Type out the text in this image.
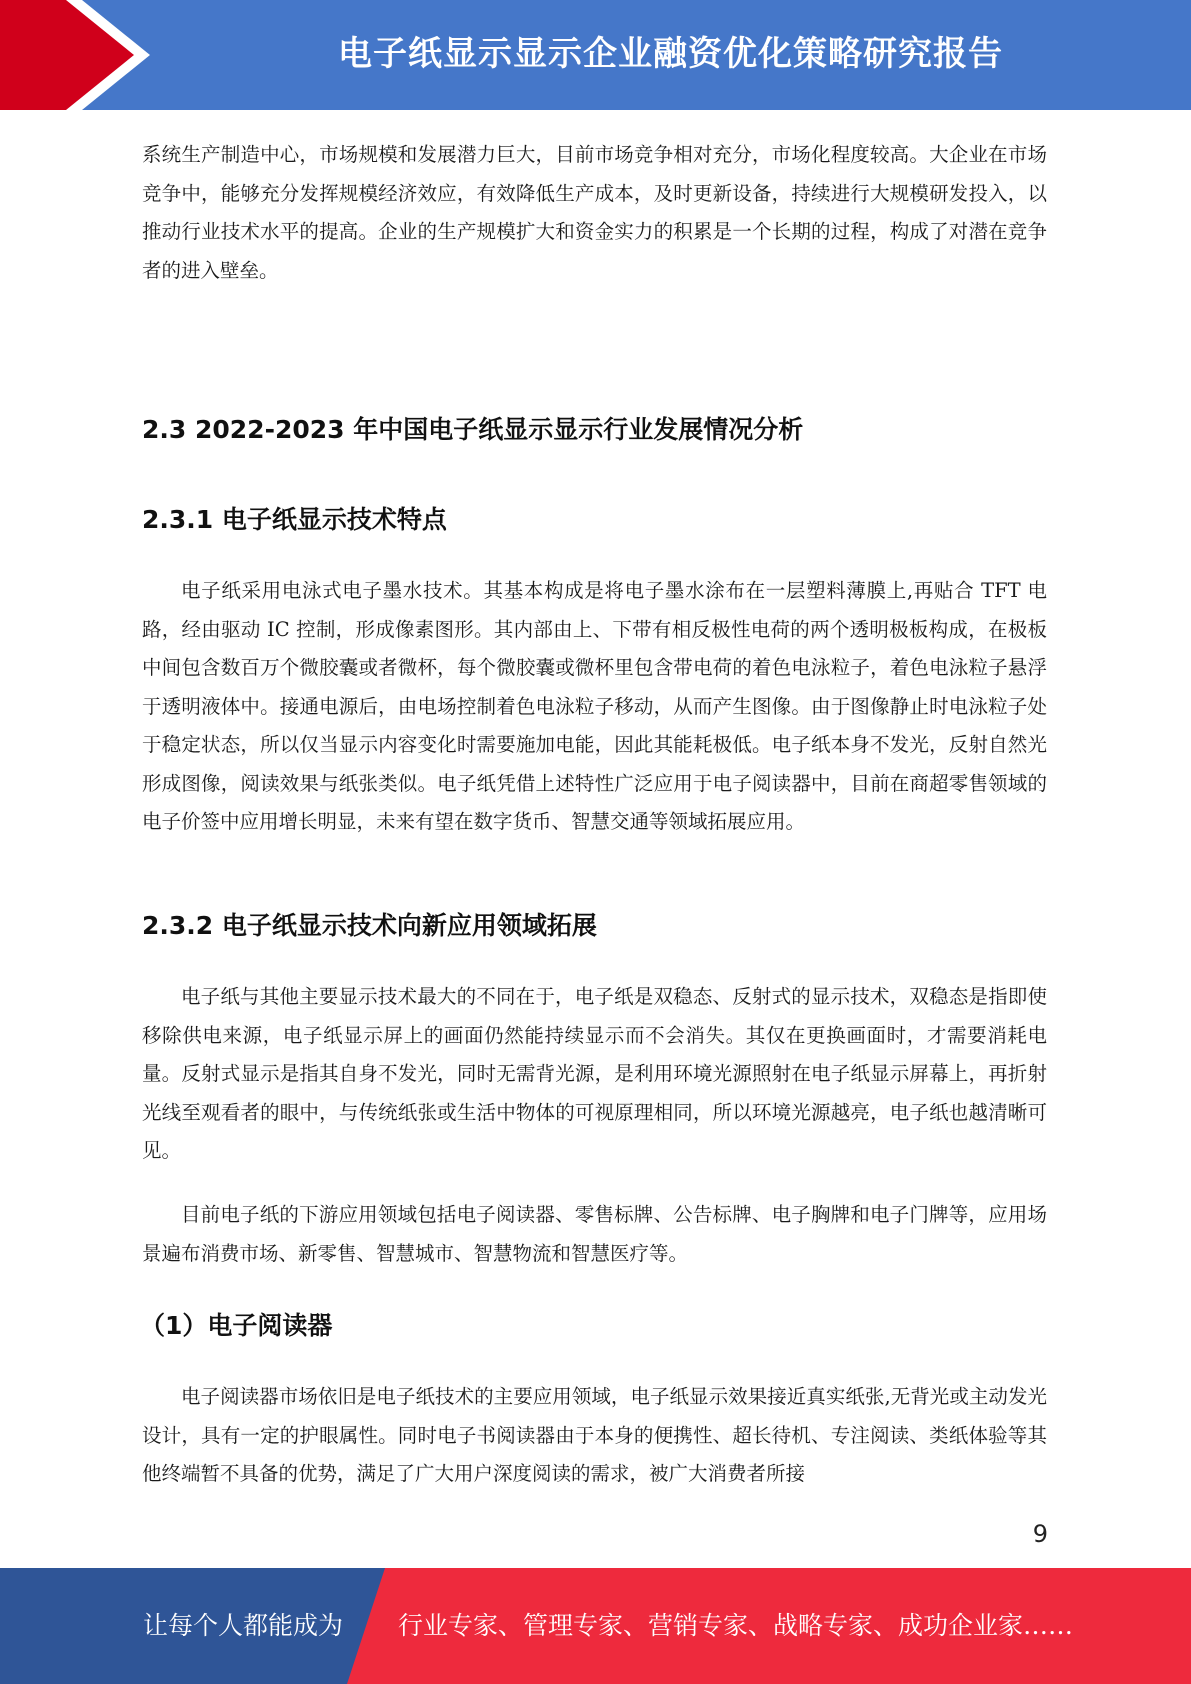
电子纸显示显示企业融资优化策略研究报告

系统生产制造中心，市场规模和发展潜力巨大，目前市场竞争相对充分，市场化程度较高。大企业在市场竞争中，能够充分发挥规模经济效应，有效降低生产成本，及时更新设备，持续进行大规模研发投入，以推动行业技术水平的提高。企业的生产规模扩大和资金实力的积累是一个长期的过程，构成了对潜在竞争者的进入壁垒。

2.3 2022-2023 年中国电子纸显示显示行业发展情况分析
2.3.1 电子纸显示技术特点

电子纸采用电泳式电子墨水技术。其基本构成是将电子墨水涂布在一层塑料薄膜上,再贴合 TFT 电路，经由驱动 IC 控制，形成像素图形。其内部由上、下带有相反极性电荷的两个透明极板构成，在极板中间包含数百万个微胶囊或者微杯，每个微胶囊或微杯里包含带电荷的着色电泳粒子，着色电泳粒子悬浮于透明液体中。接通电源后，由电场控制着色电泳粒子移动，从而产生图像。由于图像静止时电泳粒子处于稳定状态，所以仅当显示内容变化时需要施加电能，因此其能耗极低。电子纸本身不发光，反射自然光形成图像，阅读效果与纸张类似。电子纸凭借上述特性广泛应用于电子阅读器中，目前在商超零售领域的电子价签中应用增长明显，未来有望在数字货币、智慧交通等领域拓展应用。

2.3.2 电子纸显示技术向新应用领域拓展

电子纸与其他主要显示技术最大的不同在于，电子纸是双稳态、反射式的显示技术，双稳态是指即使移除供电来源，电子纸显示屏上的画面仍然能持续显示而不会消失。其仅在更换画面时，才需要消耗电量。反射式显示是指其自身不发光，同时无需背光源，是利用环境光源照射在电子纸显示屏幕上，再折射光线至观看者的眼中，与传统纸张或生活中物体的可视原理相同，所以环境光源越亮，电子纸也越清晰可见。

目前电子纸的下游应用领域包括电子阅读器、零售标牌、公告标牌、电子胸牌和电子门牌等，应用场景遍布消费市场、新零售、智慧城市、智慧物流和智慧医疗等。

（1）电子阅读器

电子阅读器市场依旧是电子纸技术的主要应用领域，电子纸显示效果接近真实纸张,无背光或主动发光设计，具有一定的护眼属性。同时电子书阅读器由于本身的便携性、超长待机、专注阅读、类纸体验等其他终端暂不具备的优势，满足了广大用户深度阅读的需求，被广大消费者所接

9
让每个人都能成为 行业专家、管理专家、营销专家、战略专家、成功企业家……
